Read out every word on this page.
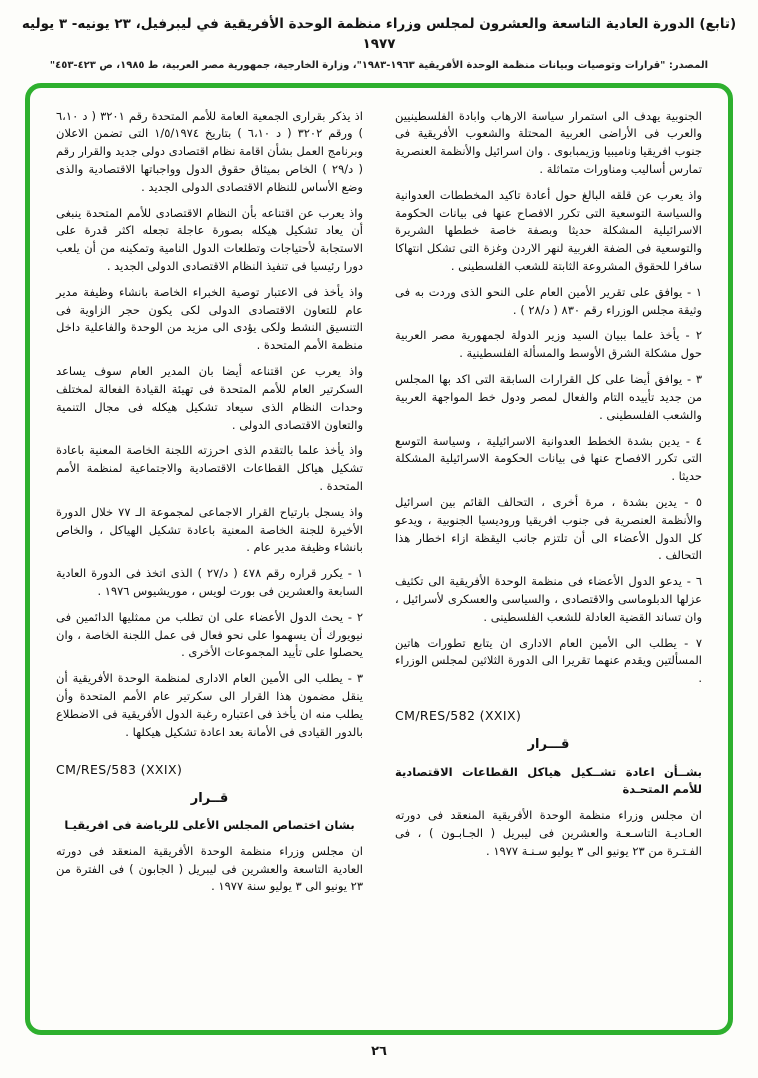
(تابع) الدورة العادية التاسعة والعشرون لمجلس وزراء منظمة الوحدة الأفريقية في ليبرفيل، ٢٣ يونيه- ٣ يوليه ١٩٧٧
المصدر: "قرارات وتوصيات وبيانات منظمة الوحدة الأفريقية ١٩٦٣-١٩٨٣"، وزارة الخارجية، جمهورية مصر العربية، ط ١٩٨٥، ص ٤٢٣-٤٥٣"

الجنوبية يهدف الى استمرار سياسة الارهاب وابادة الفلسطينيين والعرب فى الأراضى العربية المحتلة والشعوب الأفريقية فى جنوب افريقيا وناميبيا وزيمبابوى . وان اسرائيل والأنظمة العنصرية تمارس أساليب ومناورات متماثلة .

واذ يعرب عن قلقه البالغ حول أعادة تاكيد المخططات العدوانية والسياسة التوسعية التى تكرر الافصاح عنها فى بيانات الحكومة الاسرائيلية المشكلة حديثا وبصفة خاصة خططها الشريرة والتوسعية فى الضفة الغربية لنهر الاردن وغزة التى تشكل انتهاكا سافرا للحقوق المشروعة الثابتة للشعب الفلسطينى .

١ - يوافق على تقرير الأمين العام على النحو الذى وردت به فى وثيقة مجلس الوزراء رقم ٨٣٠ ( د/٢٨ ) .

٢ - يأخذ علما ببيان السيد وزير الدولة لجمهورية مصر العربية حول مشكلة الشرق الأوسط والمسألة الفلسطينية .

٣ - يوافق أيضا على كل القرارات السابقة التى اكد بها المجلس من جديد تأييده التام والفعال لمصر ودول خط المواجهة العربية والشعب الفلسطينى .

٤ - يدين بشدة الخطط العدوانية الاسرائيلية ، وسياسة التوسع التى تكرر الافصاح عنها فى بيانات الحكومة الاسرائيلية المشكلة حديثا .

٥ - يدين بشدة ، مرة أخرى ، التحالف القائم بين اسرائيل والأنظمة العنصرية فى جنوب افريقيا وروديسيا الجنوبية ، ويدعو كل الدول الأعضاء الى أن تلتزم جانب اليقظة ازاء اخطار هذا التحالف .

٦ - يدعو الدول الأعضاء فى منظمة الوحدة الأفريقية الى تكثيف عزلها الدبلوماسى والاقتصادى ، والسياسى والعسكرى لأسرائيل ، وان تساند القضية العادلة للشعب الفلسطينى .

٧ - يطلب الى الأمين العام الادارى ان يتابع تطورات هاتين المسألتين ويقدم عنهما تقريرا الى الدورة الثلاثين لمجلس الوزراء .

CM/RES/582 (XXIX)

قـــرار

بشــأن اعادة تشــكيل هياكل القطاعات الاقتصادية للأمم المتحـدة

ان مجلس وزراء منظمة الوحدة الأفريقية المنعقد فى دورته العـاديـة التاسـعـة والعشرين فى ليبريل ( الجـابـون ) ، فى الفـتـرة من ٢٣ يونيو الى ٣ يوليو سـنـة ١٩٧٧ .

اذ يذكر بقرارى الجمعية العامة للأمم المتحدة رقم ٣٢٠١ ( د ٦،١٠ ) ورقم ٣٢٠٢ ( د ٦،١٠ ) بتاريخ ١/٥/١٩٧٤ التى تضمن الاعلان وبرنامج العمل بشأن اقامة نظام اقتصادى دولى جديد والقرار رقم ( د/٢٩ ) الخاص بميثاق حقوق الدول وواجباتها الاقتصادية والذى وضع الأساس للنظام الاقتصادى الدولى الجديد .

واذ يعرب عن اقتناعه بأن النظام الاقتصادى للأمم المتحدة ينبغى أن يعاد تشكيل هيكله بصورة عاجلة تجعله اكثر قدرة على الاستجابة لأحتياجات وتطلعات الدول النامية وتمكينه من أن يلعب دورا رئيسيا فى تنفيذ النظام الاقتصادى الدولى الجديد .

واذ يأخذ فى الاعتبار توصية الخبراء الخاصة بانشاء وظيفة مدير عام للتعاون الاقتصادى الدولى لكى يكون حجر الزاوية فى التنسيق النشط ولكى يؤدى الى مزيد من الوحدة والفاعلية داخل منظمة الأمم المتحدة .

واذ يعرب عن اقتناعه أيضا بان المدير العام سوف يساعد السكرتير العام للأمم المتحدة فى تهيئة القيادة الفعالة لمختلف وحدات النظام الذى سيعاد تشكيل هيكله فى مجال التنمية والتعاون الاقتصادى الدولى .

واذ يأخذ علما بالتقدم الذى احرزته اللجنة الخاصة المعنية باعادة تشكيل هياكل القطاعات الاقتصادية والاجتماعية لمنظمة الأمم المتحدة .

واذ يسجل بارتياح القرار الاجماعى لمجموعة الـ ٧٧ خلال الدورة الأخيرة للجنة الخاصة المعنية باعادة تشكيل الهياكل ، والخاص بانشاء وظيفة مدير عام .

١ - يكرر قراره رقم ٤٧٨ ( د/٢٧ ) الذى اتخذ فى الدورة العادية السابعة والعشرين فى بورت لويس ، موريشيوس ١٩٧٦ .

٢ - يحث الدول الأعضاء على ان تطلب من ممثليها الدائمين فى نيويورك أن يسهموا على نحو فعال فى عمل اللجنة الخاصة ، وان يحصلوا على تأييد المجموعات الأخرى .

٣ - يطلب الى الأمين العام الادارى لمنظمة الوحدة الأفريقية أن ينقل مضمون هذا القرار الى سكرتير عام الأمم المتحدة وأن يطلب منه ان يأخذ فى اعتباره رغبة الدول الأفريقية فى الاضطلاع بالدور القيادى فى الأمانة بعد اعادة تشكيل هيكلها .

CM/RES/583 (XXIX)

قــرار

بشان اختصاص المجلس الأعلى للرياضة فى افريقيـا

ان مجلس وزراء منظمة الوحدة الأفريقية المنعقد فى دورته العادية التاسعة والعشرين فى ليبريل ( الجابون ) فى الفترة من ٢٣ يونيو الى ٣ يوليو سنة ١٩٧٧ .

٢٦
